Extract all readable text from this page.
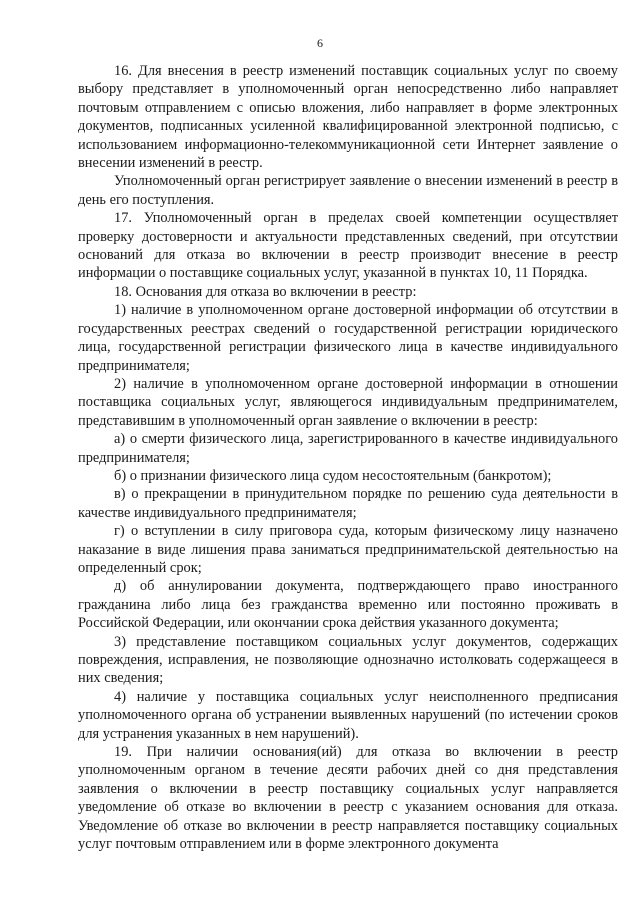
6

16. Для внесения в реестр изменений поставщик социальных услуг по своему выбору представляет в уполномоченный орган непосредственно либо направляет почтовым отправлением с описью вложения, либо направляет в форме электронных документов, подписанных усиленной квалифицированной электронной подписью, с использованием информационно-телекоммуникационной сети Интернет заявление о внесении изменений в реестр.

Уполномоченный орган регистрирует заявление о внесении изменений в реестр в день его поступления.

17. Уполномоченный орган в пределах своей компетенции осуществляет проверку достоверности и актуальности представленных сведений, при отсутствии оснований для отказа во включении в реестр производит внесение в реестр информации о поставщике социальных услуг, указанной в пунктах 10, 11 Порядка.

18. Основания для отказа во включении в реестр:

1) наличие в уполномоченном органе достоверной информации об отсутствии в государственных реестрах сведений о государственной регистрации юридического лица, государственной регистрации физического лица в качестве индивидуального предпринимателя;

2) наличие в уполномоченном органе достоверной информации в отношении поставщика социальных услуг, являющегося индивидуальным предпринимателем, представившим в уполномоченный орган заявление о включении в реестр:

а) о смерти физического лица, зарегистрированного в качестве индивидуального предпринимателя;

б) о признании физического лица судом несостоятельным (банкротом);

в) о прекращении в принудительном порядке по решению суда деятельности в качестве индивидуального предпринимателя;

г) о вступлении в силу приговора суда, которым физическому лицу назначено наказание в виде лишения права заниматься предпринимательской деятельностью на определенный срок;

д) об аннулировании документа, подтверждающего право иностранного гражданина либо лица без гражданства временно или постоянно проживать в Российской Федерации, или окончании срока действия указанного документа;

3) представление поставщиком социальных услуг документов, содержащих повреждения, исправления, не позволяющие однозначно истолковать содержащееся в них сведения;

4) наличие у поставщика социальных услуг неисполненного предписания уполномоченного органа об устранении выявленных нарушений (по истечении сроков для устранения указанных в нем нарушений).

19. При наличии основания(ий) для отказа во включении в реестр уполномоченным органом в течение десяти рабочих дней со дня представления заявления о включении в реестр поставщику социальных услуг направляется уведомление об отказе во включении в реестр с указанием основания для отказа. Уведомление об отказе во включении в реестр направляется поставщику социальных услуг почтовым отправлением или в форме электронного документа
